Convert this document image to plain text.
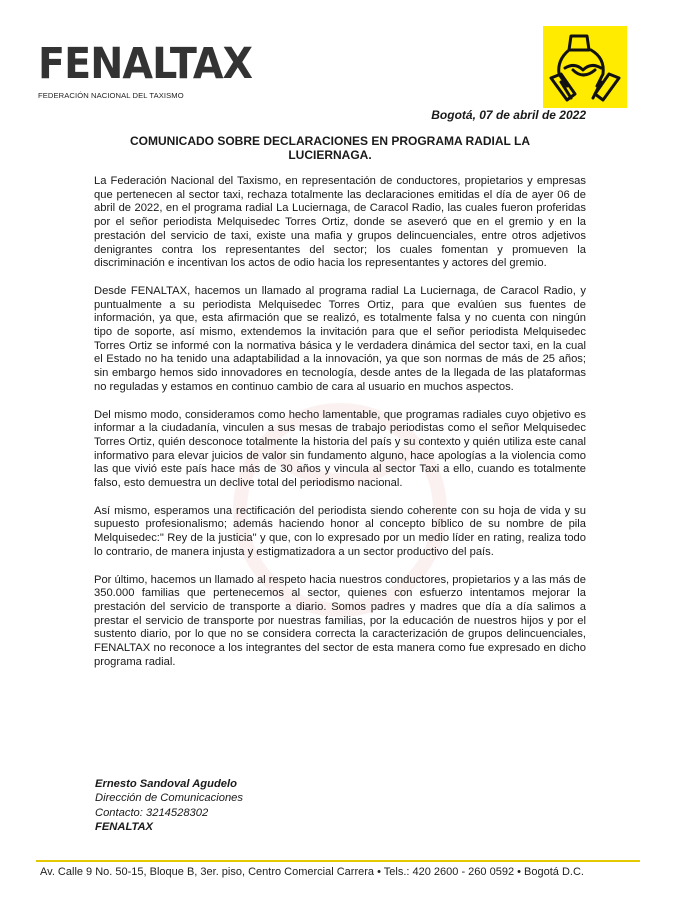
FENALTAX
FEDERACIÓN NACIONAL DEL TAXISMO
Bogotá, 07 de abril de 2022
COMUNICADO SOBRE DECLARACIONES EN PROGRAMA RADIAL LA LUCIERNAGA.

La Federación Nacional del Taxismo, en representación de conductores, propietarios y empresas que pertenecen al sector taxi, rechaza totalmente las declaraciones emitidas el día de ayer 06 de abril de 2022, en el programa radial La Luciernaga, de Caracol Radio, las cuales fueron proferidas por el señor periodista Melquisedec Torres Ortiz, donde se aseveró que en el gremio y en la prestación del servicio de taxi, existe una mafia y grupos delincuenciales, entre otros adjetivos denigrantes contra los representantes del sector; los cuales fomentan y promueven la discriminación e incentivan los actos de odio hacia los representantes y actores del gremio.

Desde FENALTAX, hacemos un llamado al programa radial La Luciernaga, de Caracol Radio, y puntualmente a su periodista Melquisedec Torres Ortiz, para que evalúen sus fuentes de información, ya que, esta afirmación que se realizó, es totalmente falsa y no cuenta con ningún tipo de soporte, así mismo, extendemos la invitación para que el señor periodista Melquisedec Torres Ortiz se informé con la normativa básica y le verdadera dinámica del sector taxi, en la cual el Estado no ha tenido una adaptabilidad a la innovación, ya que son normas de más de 25 años; sin embargo hemos sido innovadores en tecnología, desde antes de la llegada de las plataformas no reguladas y estamos en continuo cambio de cara al usuario en muchos aspectos.

Del mismo modo, consideramos como hecho lamentable, que programas radiales cuyo objetivo es informar a la ciudadanía, vinculen a sus mesas de trabajo periodistas como el señor Melquisedec Torres Ortiz, quién desconoce totalmente la historia del país y su contexto y quién utiliza este canal informativo para elevar juicios de valor sin fundamento alguno, hace apologías a la violencia como las que vivió este país hace más de 30 años y vincula al sector Taxi a ello, cuando es totalmente falso, esto demuestra un declive total del periodismo nacional.

Así mismo, esperamos una rectificación del periodista siendo coherente con su hoja de vida y su supuesto profesionalismo; además haciendo honor al concepto bíblico de su nombre de pila Melquisedec:" Rey de la justicia" y que, con lo expresado por un medio líder en rating, realiza todo lo contrario, de manera injusta y estigmatizadora a un sector productivo del país.

Por último, hacemos un llamado al respeto hacia nuestros conductores, propietarios y a las más de 350.000 familias que pertenecemos al sector, quienes con esfuerzo intentamos mejorar la prestación del servicio de transporte a diario. Somos padres y madres que día a día salimos a prestar el servicio de transporte por nuestras familias, por la educación de nuestros hijos y por el sustento diario, por lo que no se considera correcta la caracterización de grupos delincuenciales, FENALTAX no reconoce a los integrantes del sector de esta manera como fue expresado en dicho programa radial.

Ernesto Sandoval Agudelo
Dirección de Comunicaciones
Contacto: 3214528302
FENALTAX
Av. Calle 9 No. 50-15, Bloque B, 3er. piso, Centro Comercial Carrera • Tels.: 420 2600 - 260 0592 • Bogotá D.C.
